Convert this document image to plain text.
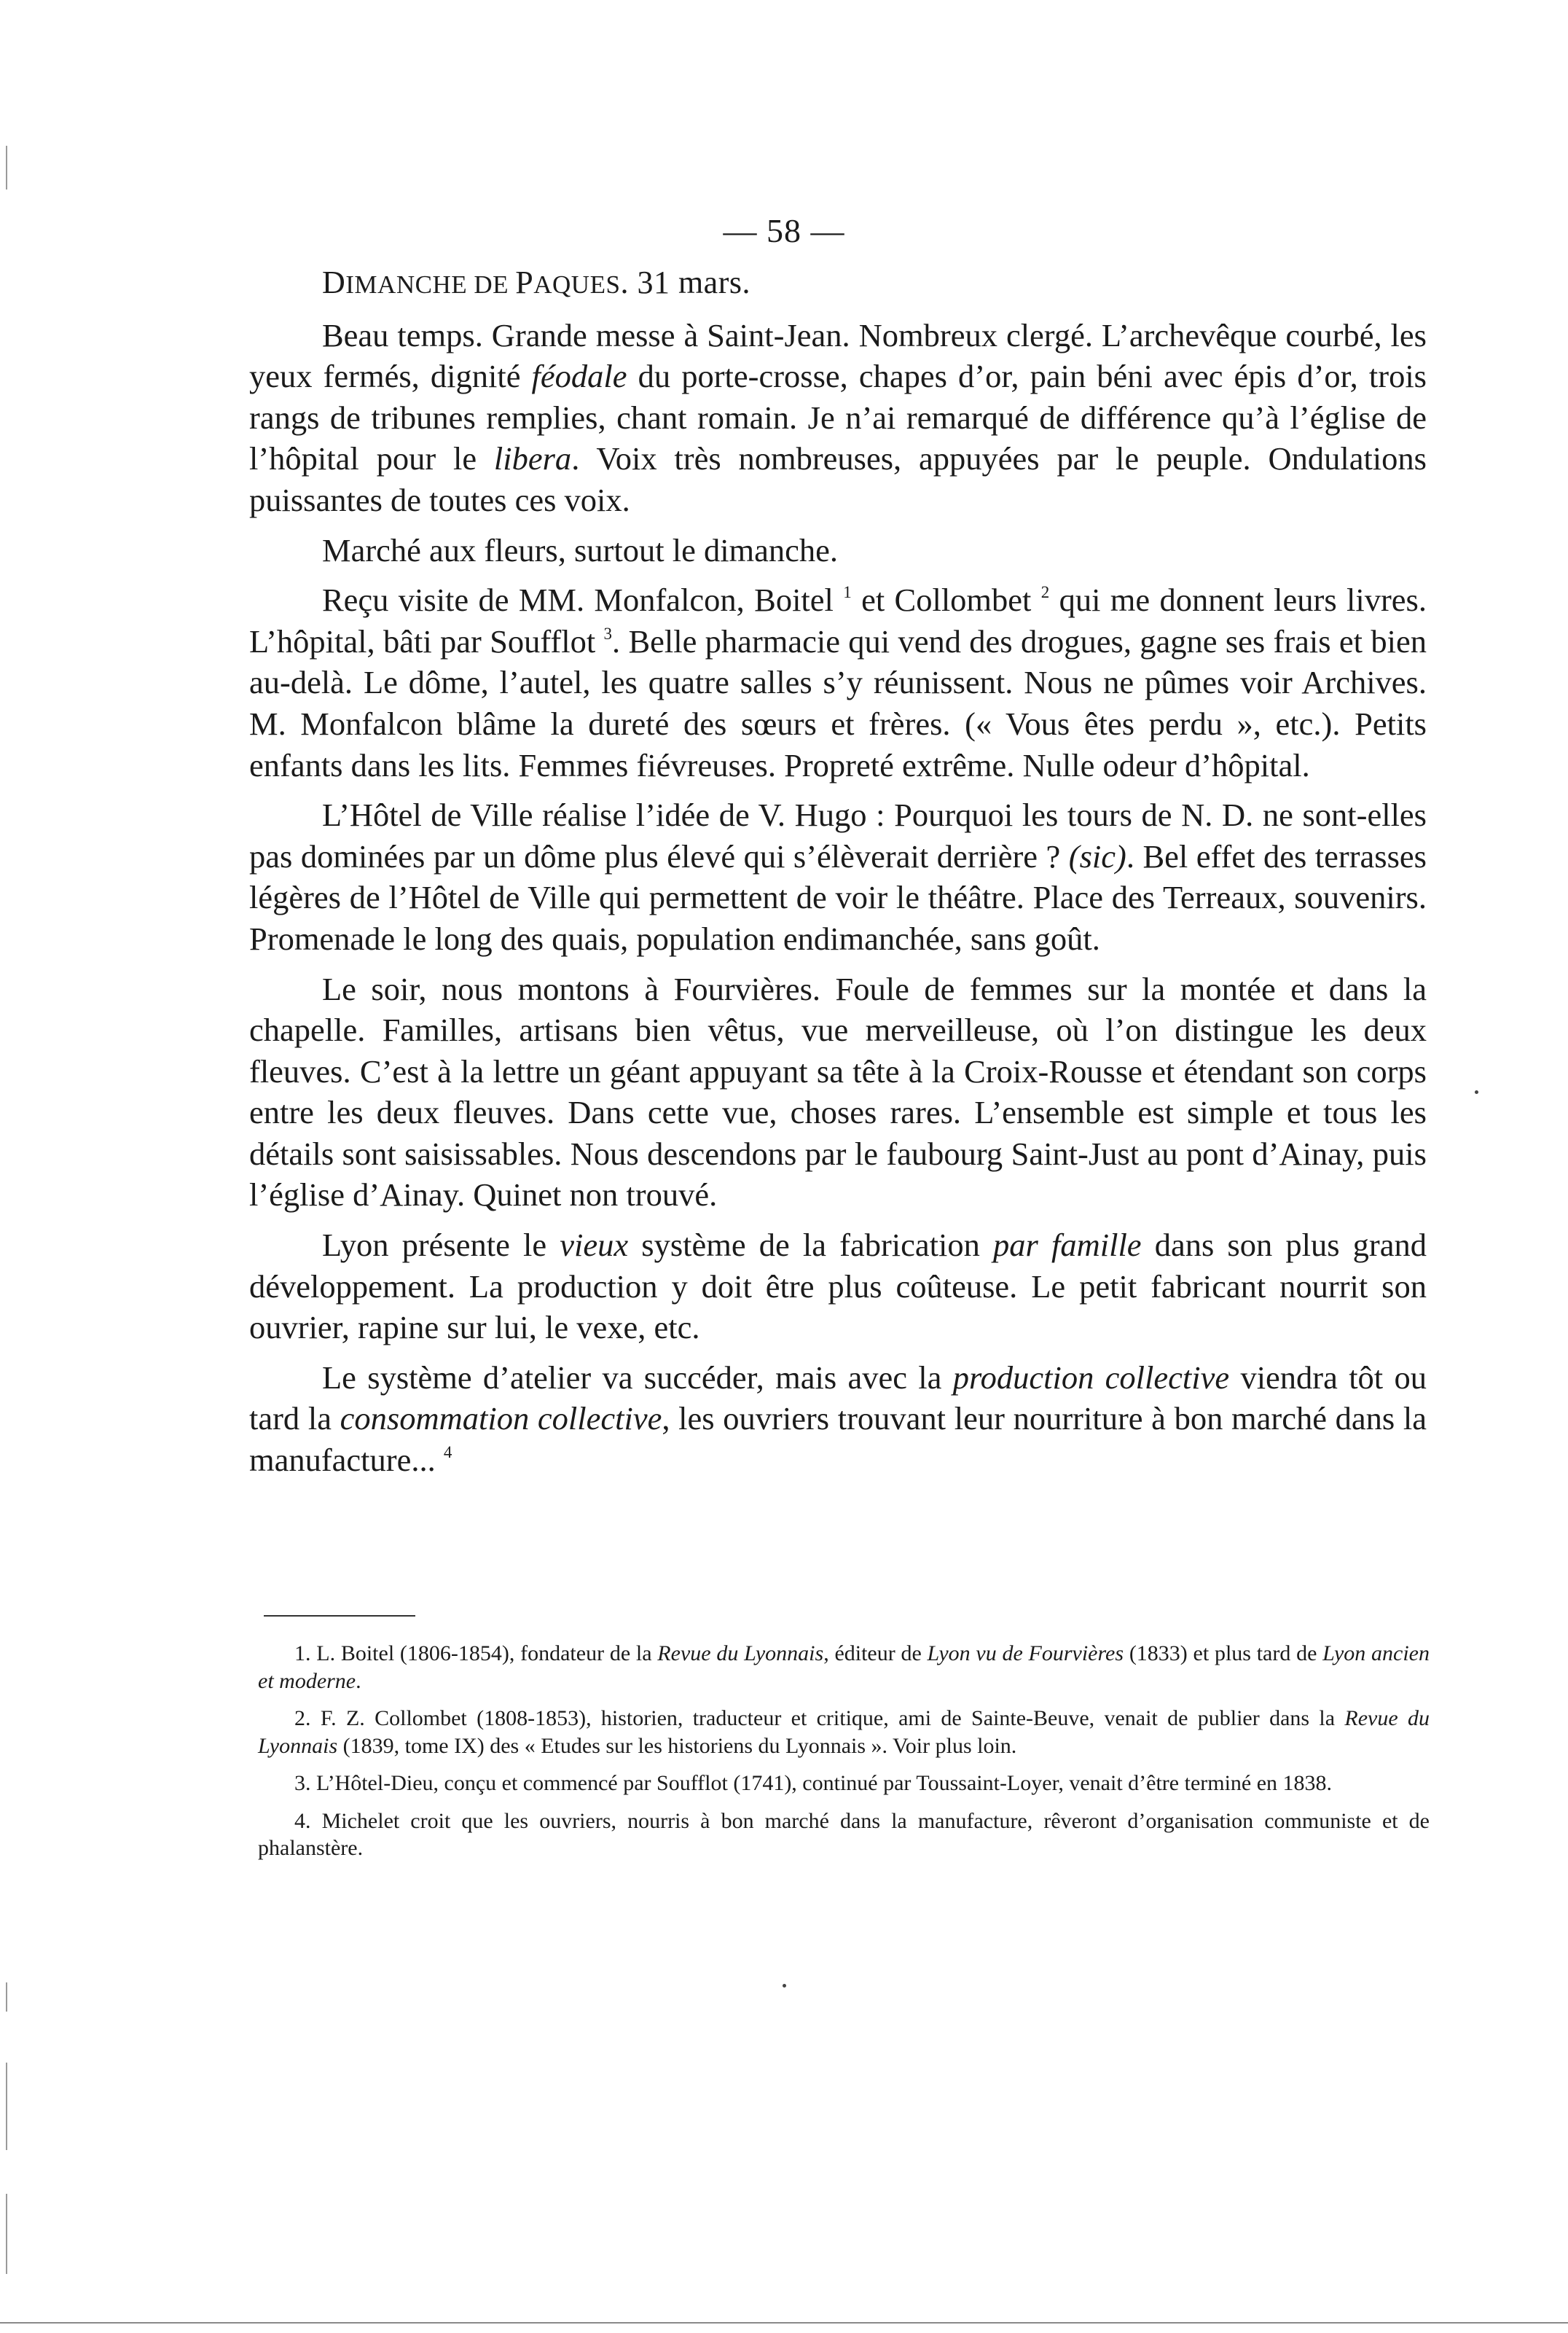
— 58 —

DIMANCHE DE PAQUES. 31 mars.

Beau temps. Grande messe à Saint-Jean. Nombreux clergé. L’archevêque courbé, les yeux fermés, dignité féodale du porte-crosse, chapes d’or, pain béni avec épis d’or, trois rangs de tribunes remplies, chant romain. Je n’ai remarqué de différence qu’à l’église de l’hôpital pour le libera. Voix très nombreuses, appuyées par le peuple. Ondulations puissantes de toutes ces voix.

Marché aux fleurs, surtout le dimanche.

Reçu visite de MM. Monfalcon, Boitel $^1$ et Collombet $^2$ qui me donnent leurs livres. L’hôpital, bâti par Soufflot $^3$. Belle pharmacie qui vend des drogues, gagne ses frais et bien au-delà. Le dôme, l’autel, les quatre salles s’y réunissent. Nous ne pûmes voir Archives. M. Monfalcon blâme la dureté des sœurs et frères. (« Vous êtes perdu », etc.). Petits enfants dans les lits. Femmes fiévreuses. Propreté extrême. Nulle odeur d’hôpital.

L’Hôtel de Ville réalise l’idée de V. Hugo : Pourquoi les tours de N. D. ne sont-elles pas dominées par un dôme plus élevé qui s’élèverait derrière ? (sic). Bel effet des terrasses légères de l’Hôtel de Ville qui permettent de voir le théâtre. Place des Terreaux, souvenirs. Promenade le long des quais, population endimanchée, sans goût.

Le soir, nous montons à Fourvières. Foule de femmes sur la montée et dans la chapelle. Familles, artisans bien vêtus, vue merveilleuse, où l’on distingue les deux fleuves. C’est à la lettre un géant appuyant sa tête à la Croix-Rousse et étendant son corps entre les deux fleuves. Dans cette vue, choses rares. L’ensemble est simple et tous les détails sont saisissables. Nous descendons par le faubourg Saint-Just au pont d’Ainay, puis l’église d’Ainay. Quinet non trouvé.

Lyon présente le vieux système de la fabrication par famille dans son plus grand développement. La production y doit être plus coûteuse. Le petit fabricant nourrit son ouvrier, rapine sur lui, le vexe, etc.

Le système d’atelier va succéder, mais avec la production collective viendra tôt ou tard la consommation collective, les ouvriers trouvant leur nourriture à bon marché dans la manufacture... $^4$

1. L. Boitel (1806-1854), fondateur de la Revue du Lyonnais, éditeur de Lyon vu de Fourvières (1833) et plus tard de Lyon ancien et moderne.

2. F. Z. Collombet (1808-1853), historien, traducteur et critique, ami de Sainte-Beuve, venait de publier dans la Revue du Lyonnais (1839, tome IX) des « Etudes sur les historiens du Lyonnais ». Voir plus loin.

3. L’Hôtel-Dieu, conçu et commencé par Soufflot (1741), continué par Toussaint-Loyer, venait d’être terminé en 1838.

4. Michelet croit que les ouvriers, nourris à bon marché dans la manufacture, rêveront d’organisation communiste et de phalanstère.
